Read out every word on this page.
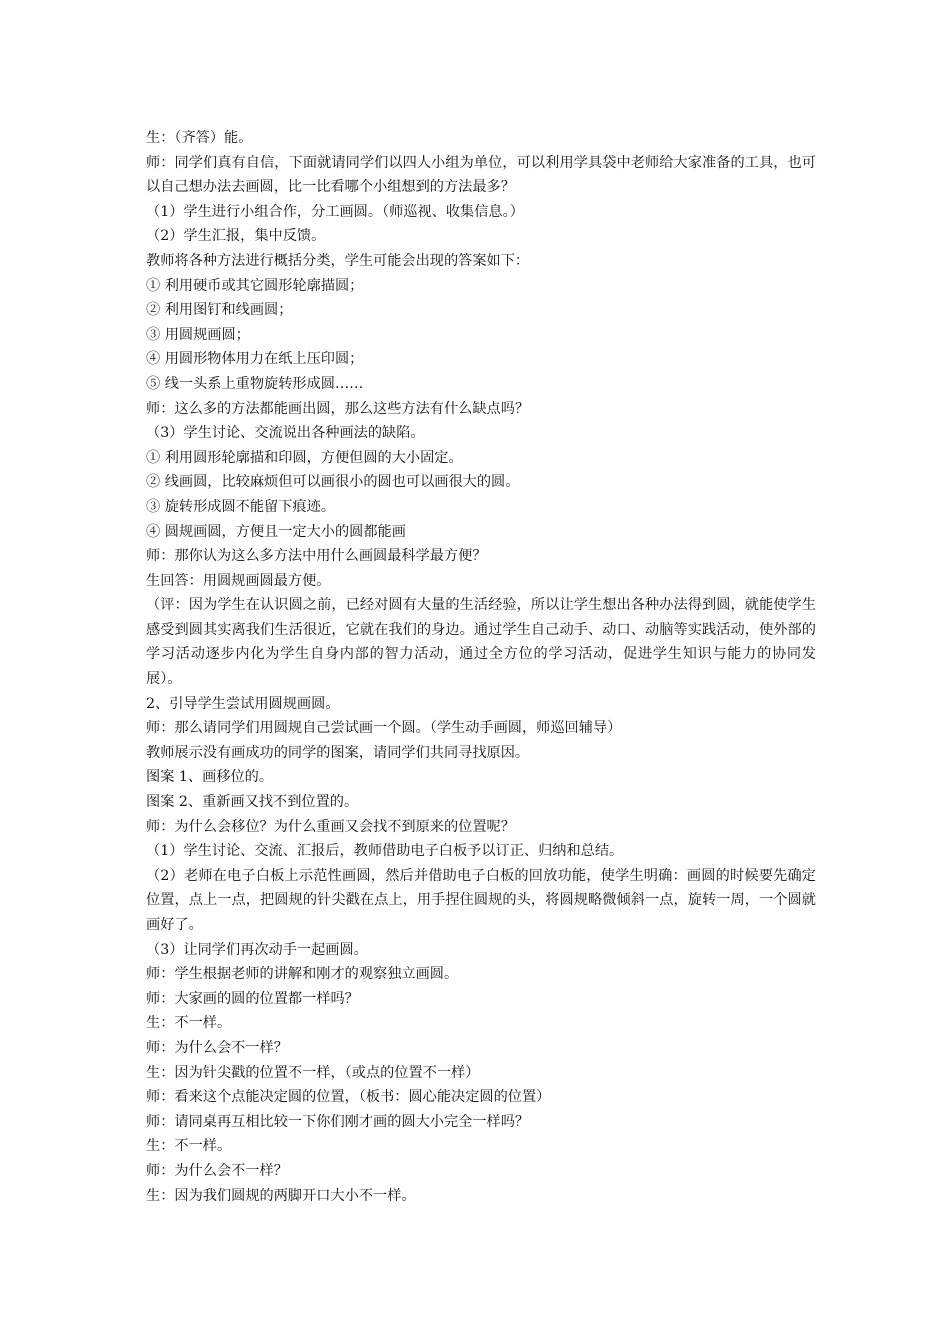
生：（齐答）能。
师：同学们真有自信，下面就请同学们以四人小组为单位，可以利用学具袋中老师给大家准备的工具，也可以自己想办法去画圆，比一比看哪个小组想到的方法最多？
（1）学生进行小组合作，分工画圆。（师巡视、收集信息。）
（2）学生汇报，集中反馈。
教师将各种方法进行概括分类，学生可能会出现的答案如下：
① 利用硬币或其它圆形轮廓描圆；
② 利用图钉和线画圆；
③ 用圆规画圆；
④ 用圆形物体用力在纸上压印圆；
⑤ 线一头系上重物旋转形成圆……
师：这么多的方法都能画出圆，那么这些方法有什么缺点吗？
（3）学生讨论、交流说出各种画法的缺陷。
① 利用圆形轮廓描和印圆，方便但圆的大小固定。
② 线画圆，比较麻烦但可以画很小的圆也可以画很大的圆。
③ 旋转形成圆不能留下痕迹。
④ 圆规画圆，方便且一定大小的圆都能画
师：那你认为这么多方法中用什么画圆最科学最方便？
生回答：用圆规画圆最方便。
（评：因为学生在认识圆之前，已经对圆有大量的生活经验，所以让学生想出各种办法得到圆，就能使学生感受到圆其实离我们生活很近，它就在我们的身边。通过学生自己动手、动口、动脑等实践活动，使外部的学习活动逐步内化为学生自身内部的智力活动，通过全方位的学习活动，促进学生知识与能力的协同发展）。
2、引导学生尝试用圆规画圆。
师：那么请同学们用圆规自己尝试画一个圆。（学生动手画圆，师巡回辅导）
教师展示没有画成功的同学的图案，请同学们共同寻找原因。
图案 1、画移位的。
图案 2、重新画又找不到位置的。
师：为什么会移位？为什么重画又会找不到原来的位置呢？
（1）学生讨论、交流、汇报后，教师借助电子白板予以订正、归纳和总结。
（2）老师在电子白板上示范性画圆，然后并借助电子白板的回放功能，使学生明确：画圆的时候要先确定位置，点上一点，把圆规的针尖戳在点上，用手捏住圆规的头，将圆规略微倾斜一点，旋转一周，一个圆就画好了。
（3）让同学们再次动手一起画圆。
师：学生根据老师的讲解和刚才的观察独立画圆。
师：大家画的圆的位置都一样吗？
生：不一样。
师：为什么会不一样？
生：因为针尖戳的位置不一样，（或点的位置不一样）
师：看来这个点能决定圆的位置，（板书：圆心能决定圆的位置）
师：请同桌再互相比较一下你们刚才画的圆大小完全一样吗？
生：不一样。
师：为什么会不一样？
生：因为我们圆规的两脚开口大小不一样。
